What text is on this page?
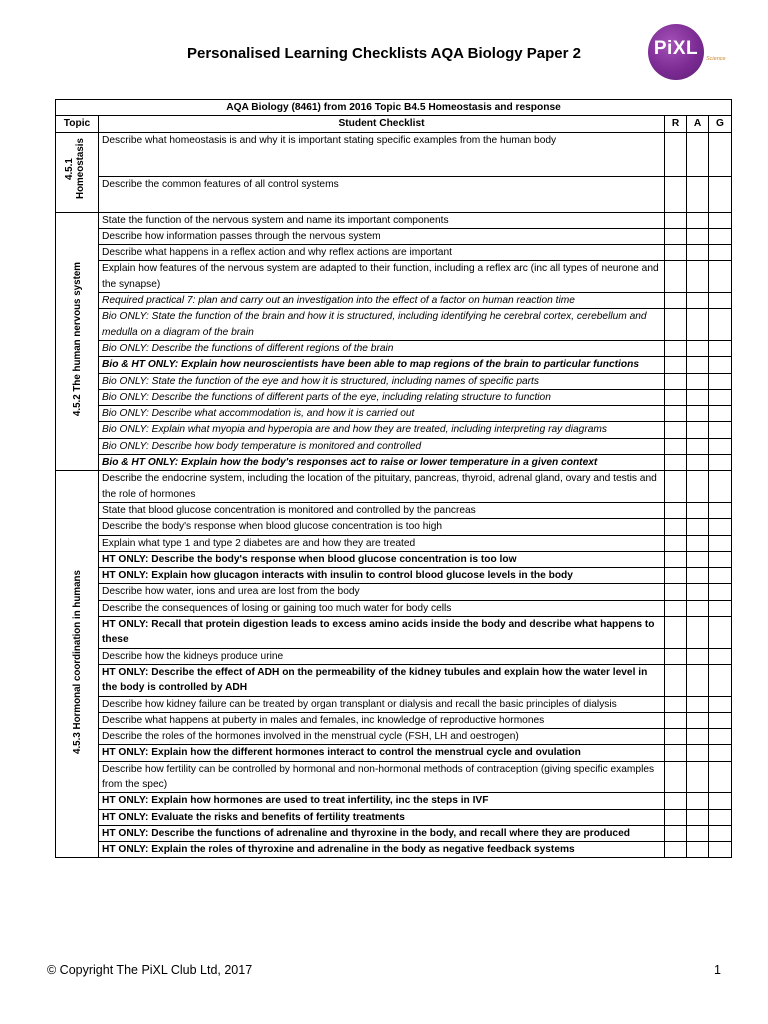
Personalised Learning Checklists AQA Biology Paper 2	PiXL	Science
AQA Biology (8461) from 2016 Topic B4.5 Homeostasis and response				
Topic	Student Checklist	R	A	G
4.5.1 Homeostasis	Describe what homeostasis is and why it is important stating specific examples from the human body			
	Describe the common features of all control systems			
4.5.2 The human nervous system	State the function of the nervous system and name its important components			
	Describe how information passes through the nervous system			
	Describe what happens in a reflex action and why reflex actions are important			
	Explain how features of the nervous system are adapted to their function, including a reflex arc (inc all types of neurone and the synapse)			
	Required practical 7: plan and carry out an investigation into the effect of a factor on human reaction time			
	Bio ONLY: State the function of the brain and how it is structured, including identifying he cerebral cortex, cerebellum and medulla on a diagram of the brain			
	Bio ONLY: Describe the functions of different regions of the brain			
	Bio & HT ONLY: Explain how neuroscientists have been able to map regions of the brain to particular functions			
	Bio ONLY: State the function of the eye and how it is structured, including names of specific parts			
	Bio ONLY: Describe the functions of different parts of the eye, including relating structure to function			
	Bio ONLY: Describe what accommodation is, and how it is carried out			
	Bio ONLY: Explain what myopia and hyperopia are and how they are treated, including interpreting ray diagrams			
	Bio ONLY: Describe how body temperature is monitored and controlled			
	Bio & HT ONLY: Explain how the body's responses act to raise or lower temperature in a given context			
4.5.3 Hormonal coordination in humans	Describe the endocrine system, including the location of the pituitary, pancreas, thyroid, adrenal gland, ovary and testis and the role of hormones			
	State that blood glucose concentration is monitored and controlled by the pancreas			
	Describe the body's response when blood glucose concentration is too high			
	Explain what type 1 and type 2 diabetes are and how they are treated			
	HT ONLY: Describe the body's response when blood glucose concentration is too low			
	HT ONLY: Explain how glucagon interacts with insulin to control blood glucose levels in the body			
	Describe how water, ions and urea are lost from the body			
	Describe the consequences of losing or gaining too much water for body cells			
	HT ONLY: Recall that protein digestion leads to excess amino acids inside the body and describe what happens to these			
	Describe how the kidneys produce urine			
	HT ONLY: Describe the effect of ADH on the permeability of the kidney tubules and explain how the water level in the body is controlled by ADH			
	Describe how kidney failure can be treated by organ transplant or dialysis and recall the basic principles of dialysis			
	Describe what happens at puberty in males and females, inc knowledge of reproductive hormones			
	Describe the roles of the hormones involved in the menstrual cycle (FSH, LH and oestrogen)			
	HT ONLY: Explain how the different hormones interact to control the menstrual cycle and ovulation			
	Describe how fertility can be controlled by hormonal and non-hormonal methods of contraception (giving specific examples from the spec)			
	HT ONLY: Explain how hormones are used to treat infertility, inc the steps in IVF			
	HT ONLY: Evaluate the risks and benefits of fertility treatments			
	HT ONLY: Describe the functions of adrenaline and thyroxine in the body, and recall where they are produced			
	HT ONLY: Explain the roles of thyroxine and adrenaline in the body as negative feedback systems			
© Copyright The PiXL Club Ltd, 2017	1
